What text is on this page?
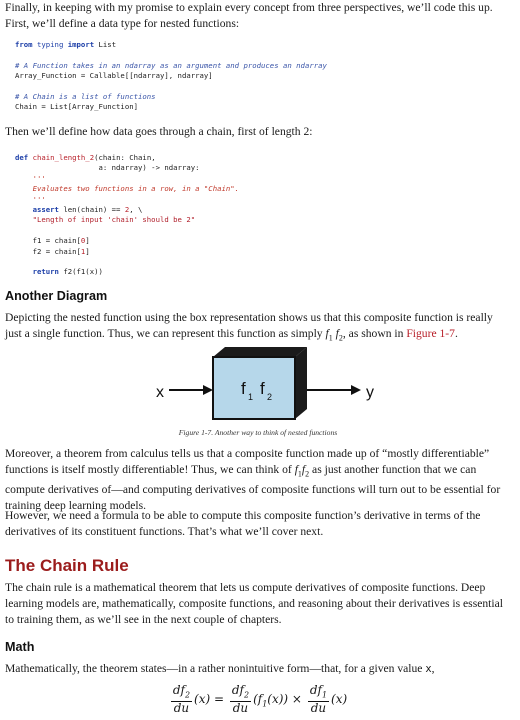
Finally, in keeping with my promise to explain every concept from three perspectives, we’ll code this up. First, we’ll define a data type for nested functions:

from typing import List

# A Function takes in an ndarray as an argument and produces an ndarray
Array_Function = Callable[[ndarray], ndarray]

# A Chain is a list of functions
Chain = List[Array_Function]

Then we’ll define how data goes through a chain, first of length 2:

def chain_length_2(chain: Chain,
a: ndarray) -> ndarray:
'''
Evaluates two functions in a row, in a "Chain".
'''
assert len(chain) == 2, \
"Length of input 'chain' should be 2"

f1 = chain[0]
f2 = chain[1]

return f2(f1(x))
Another Diagram

Depicting the nested function using the box representation shows us that this composite function is really just a single function. Thus, we can represent this function as simply $f_1$ $f_2$, as shown in Figure 1-7.

x	f 1 f 2	y
Figure 1-7. Another way to think of nested functions

Moreover, a theorem from calculus tells us that a composite function made up of “mostly differentiable” functions is itself mostly differentiable! Thus, we can think of $f_1f_2$ as just another function that we can compute derivatives of—and computing derivatives of composite functions will turn out to be essential for training deep learning models.

However, we need a formula to be able to compute this composite function’s derivative in terms of the derivatives of its constituent functions. That’s what we’ll cover next.

The Chain Rule

The chain rule is a mathematical theorem that lets us compute derivatives of composite functions. Deep learning models are, mathematically, composite functions, and reasoning about their derivatives is essential to training them, as we’ll see in the next couple of chapters.

Math

Mathematically, the theorem states—in a rather nonintuitive form—that, for a given value x,

$\frac{df_2}{du} (x) = \frac{df_2}{du} (f_1(x)) \times \frac{df_1}{du} (x)$
